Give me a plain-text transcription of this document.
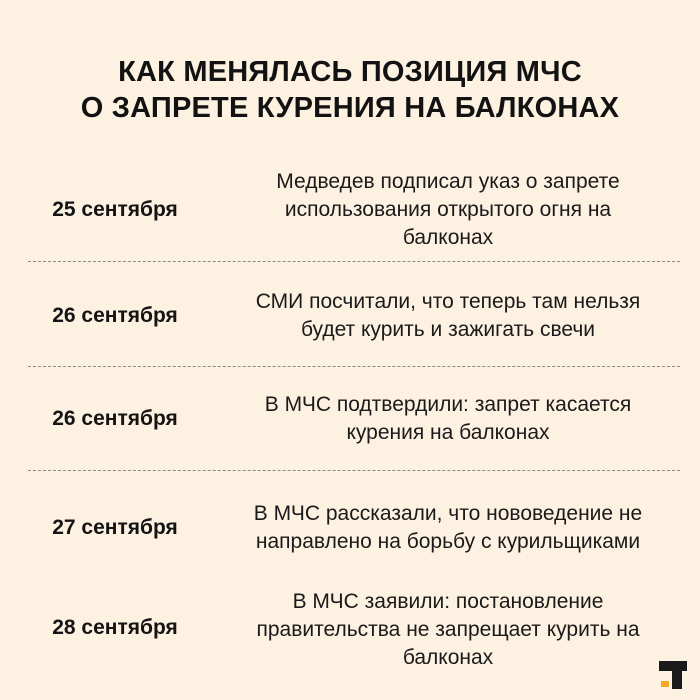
КАК МЕНЯЛАСЬ ПОЗИЦИЯ МЧС
О ЗАПРЕТЕ КУРЕНИЯ НА БАЛКОНАХ
25 сентября
Медведев подписал указ о запрете
использования открытого огня на
балконах
26 сентября
СМИ посчитали, что теперь там нельзя
будет курить и зажигать свечи
26 сентября
В МЧС подтвердили: запрет касается
курения на балконах
27 сентября
В МЧС рассказали, что нововедение не
направлено на борьбу с курильщиками
28 сентября
В МЧС заявили: постановление
правительства не запрещает курить на
балконах
